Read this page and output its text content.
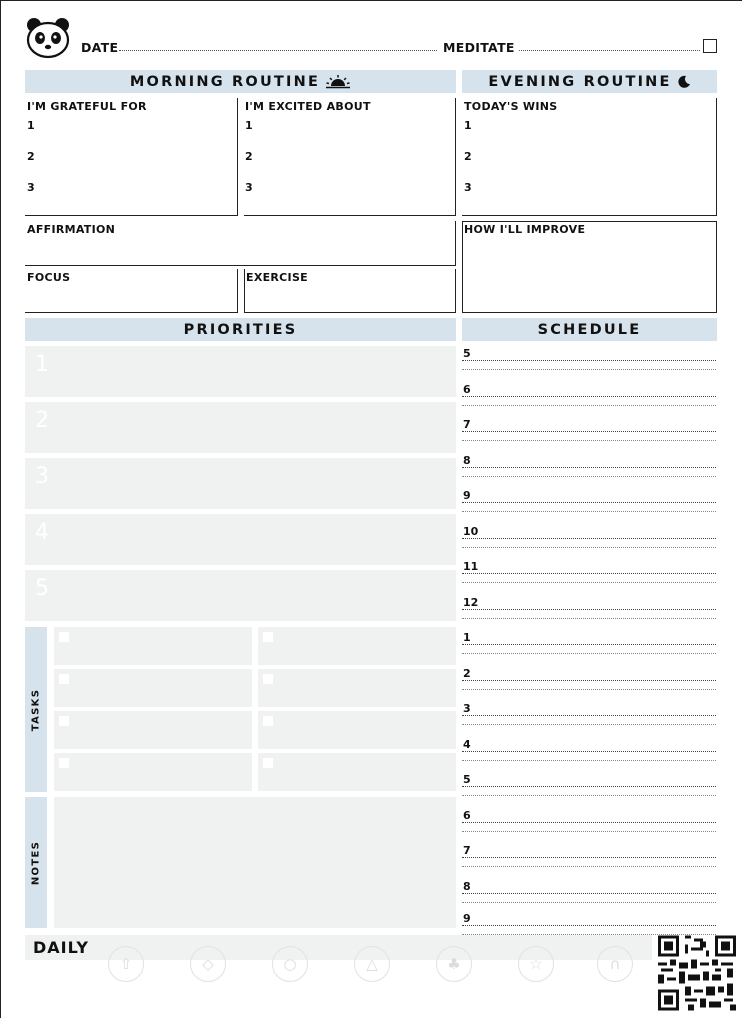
DATE	MEDITATE
MORNING ROUTINE	EVENING ROUTINE
I'M GRATEFUL FOR
1
2
3
I'M EXCITED ABOUT
1
2
3
TODAY'S WINS
1
2
3
AFFIRMATION	HOW I'LL IMPROVE
FOCUS	EXERCISE
PRIORITIES	SCHEDULE
1
2
3
4
5
TASKS
NOTES
5
6
7
8
9
10
11
12
1
2
3
4
5
6
7
8
9
DAILY
⇧	◇	○	△	♣	☆	∩
